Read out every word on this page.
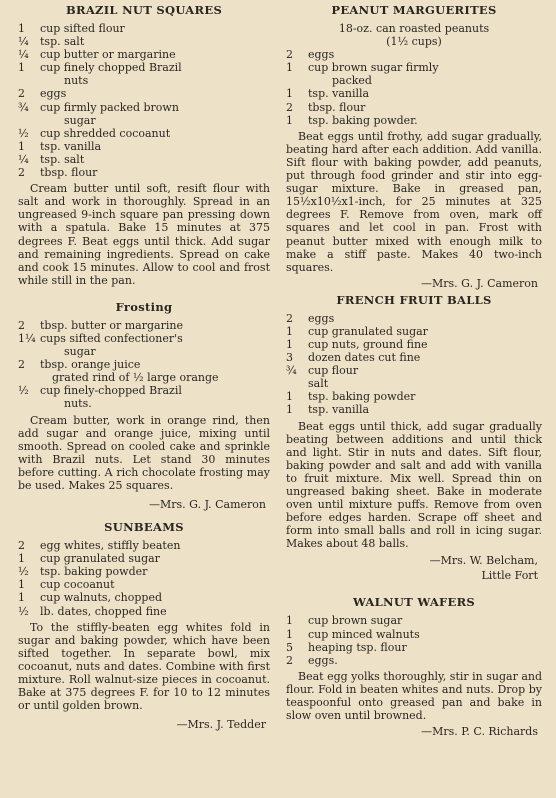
BRAZIL NUT SQUARES
1	cup sifted flour
¼	tsp. salt
¼	cup butter or margarine
1	cup finely chopped Brazil
nuts
2	eggs
¾	cup firmly packed brown
sugar
½	cup shredded cocoanut
1	tsp. vanilla
¼	tsp. salt
2	tbsp. flour

Cream butter until soft, resift flour with salt and work in thoroughly. Spread in an ungreased 9-inch square pan pressing down with a spatula. Bake 15 minutes at 375 degrees F. Beat eggs until thick. Add sugar and remaining ingredients. Spread on cake and cook 15 minutes. Allow to cool and frost while still in the pan.

Frosting
2	tbsp. butter or margarine
1¼ cups sifted confectioner's
sugar
2	tbsp. orange juice
grated rind of ½ large orange
½	cup finely-chopped Brazil
nuts.

Cream butter, work in orange rind, then add sugar and orange juice, mixing until smooth. Spread on cooled cake and sprinkle with Brazil nuts. Let stand 30 minutes before cutting. A rich chocolate frosting may be used. Makes 25 squares.

—Mrs. G. J. Cameron
SUNBEAMS
2	egg whites, stiffly beaten
1	cup granulated sugar
½	tsp. baking powder
1	cup cocoanut
1	cup walnuts, chopped
½	lb. dates, chopped fine

To the stiffly-beaten egg whites fold in sugar and baking powder, which have been sifted together. In separate bowl, mix cocoanut, nuts and dates. Combine with first mixture. Roll walnut-size pieces in cocoanut. Bake at 375 degrees F. for 10 to 12 minutes or until golden brown.

—Mrs. J. Tedder
PEANUT MARGUERITES
18-oz. can roasted peanuts
(1½ cups)
2	eggs
1	cup brown sugar firmly
packed
1	tsp. vanilla
2	tbsp. flour
1	tsp. baking powder.

Beat eggs until frothy, add sugar gradually, beating hard after each addition. Add vanilla. Sift flour with baking powder, add peanuts, put through food grinder and stir into egg-sugar mixture. Bake in greased pan, 15½x10½x1-inch, for 25 minutes at 325 degrees F. Remove from oven, mark off squares and let cool in pan. Frost with peanut butter mixed with enough milk to make a stiff paste. Makes 40 two-inch squares.

—Mrs. G. J. Cameron
FRENCH FRUIT BALLS
2	eggs
1	cup granulated sugar
1	cup nuts, ground fine
3	dozen dates cut fine
¾	cup flour
salt
1	tsp. baking powder
1	tsp. vanilla

Beat eggs until thick, add sugar gradually beating between additions and until thick and light. Stir in nuts and dates. Sift flour, baking powder and salt and add with vanilla to fruit mixture. Mix well. Spread thin on ungreased baking sheet. Bake in moderate oven until mixture puffs. Remove from oven before edges harden. Scrape off sheet and form into small balls and roll in icing sugar. Makes about 48 balls.

—Mrs. W. Belcham,
Little Fort
WALNUT WAFERS
1	cup brown sugar
1	cup minced walnuts
5	heaping tsp. flour
2	eggs.

Beat egg yolks thoroughly, stir in sugar and flour. Fold in beaten whites and nuts. Drop by teaspoonful onto greased pan and bake in slow oven until browned.

—Mrs. P. C. Richards
